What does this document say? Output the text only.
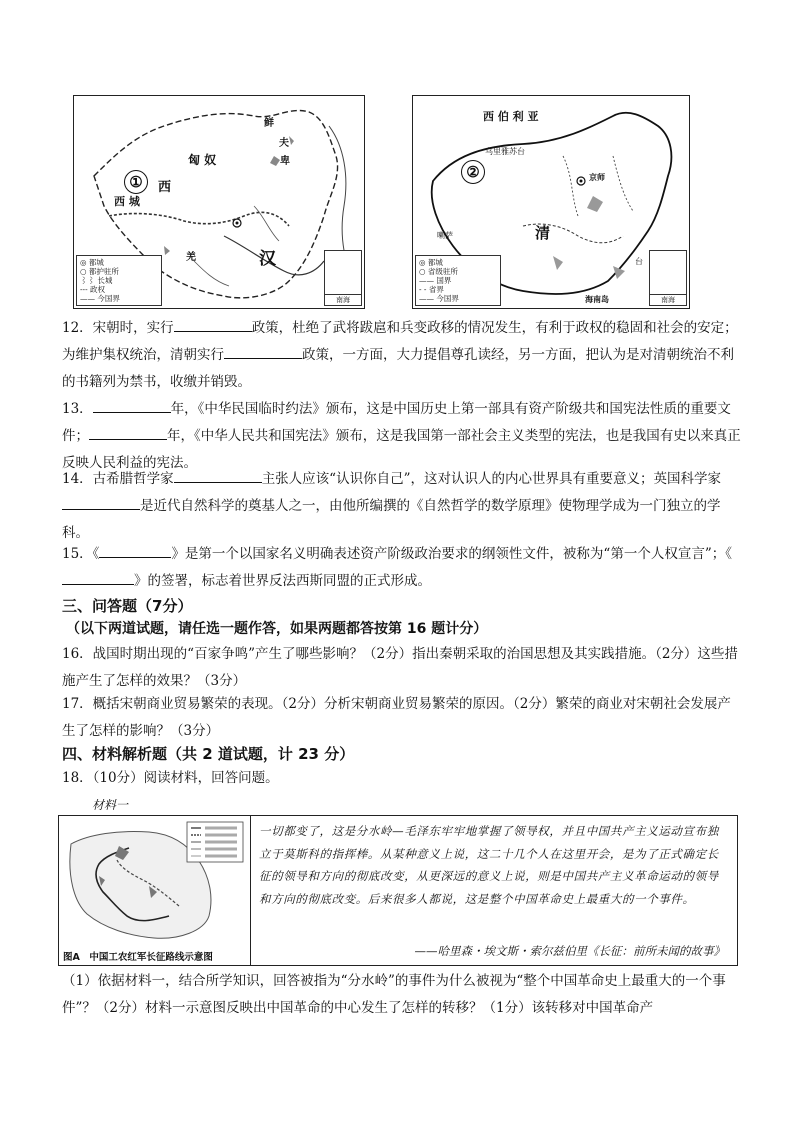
①	西
西 城
匈 奴
鲜
夫
卑
汉
羌
◎ 都城
○ 都护驻所
⌇⌇ 长城
--- 政权
—— 今国界	南海
②
西 伯 利 亚
乌里雅苏台
京师
清
喇萨
台
海南岛
◎ 都城
○ 省级驻所
—— 国界
- - 省界
—— 今国界	南海
12．宋朝时，实行	政策，杜绝了武将跋扈和兵变政移的情况发生，有利于政权的稳固和社会的安定；为维护集权统治，清朝实行	政策，一方面，大力提倡尊孔读经，另一方面，把认为是对清朝统治不利的书籍列为禁书，收缴并销毁。
13．	年，《中华民国临时约法》颁布，这是中国历史上第一部具有资产阶级共和国宪法性质的重要文件；	年，《中华人民共和国宪法》颁布，这是我国第一部社会主义类型的宪法，也是我国有史以来真正反映人民利益的宪法。
14．古希腊哲学家	主张人应该“认识你自己”，这对认识人的内心世界具有重要意义；英国科学家是近代自然科学的奠基人之一，由他所编撰的《自然哲学的数学原理》使物理学成为一门独立的学科。
15．《	》是第一个以国家名义明确表述资产阶级政治要求的纲领性文件，被称为“第一个人权宣言”；《》的签署，标志着世界反法西斯同盟的正式形成。
三、问答题（7分）
（以下两道试题，请任选一题作答，如果两题都答按第 16 题计分）
16．战国时期出现的“百家争鸣”产生了哪些影响？（2分）指出秦朝采取的治国思想及其实践措施。（2分）这些措施产生了怎样的效果？（3分）
17．概括宋朝商业贸易繁荣的表现。（2分）分析宋朝商业贸易繁荣的原因。（2分）繁荣的商业对宋朝社会发展产生了怎样的影响？（3分）
四、材料解析题（共 2 道试题，计 23 分）
18．（10分）阅读材料，回答问题。
材料一
图A　中国工农红军长征路线示意图
一切都变了，这是分水岭—毛泽东牢牢地掌握了领导权，并且中国共产主义运动宣布独立于莫斯科的指挥棒。从某种意义上说，这二十几个人在这里开会，是为了正式确定长征的领导和方向的彻底改变，从更深远的意义上说，则是中国共产主义革命运动的领导和方向的彻底改变。后来很多人都说，这是整个中国革命史上最重大的一个事件。
——哈里森・埃文斯・索尔兹伯里《长征：前所未闻的故事》
（1）依据材料一，结合所学知识，回答被指为“分水岭”的事件为什么被视为“整个中国革命史上最重大的一个事件”？（2分）材料一示意图反映出中国革命的中心发生了怎样的转移？（1分）该转移对中国革命产
